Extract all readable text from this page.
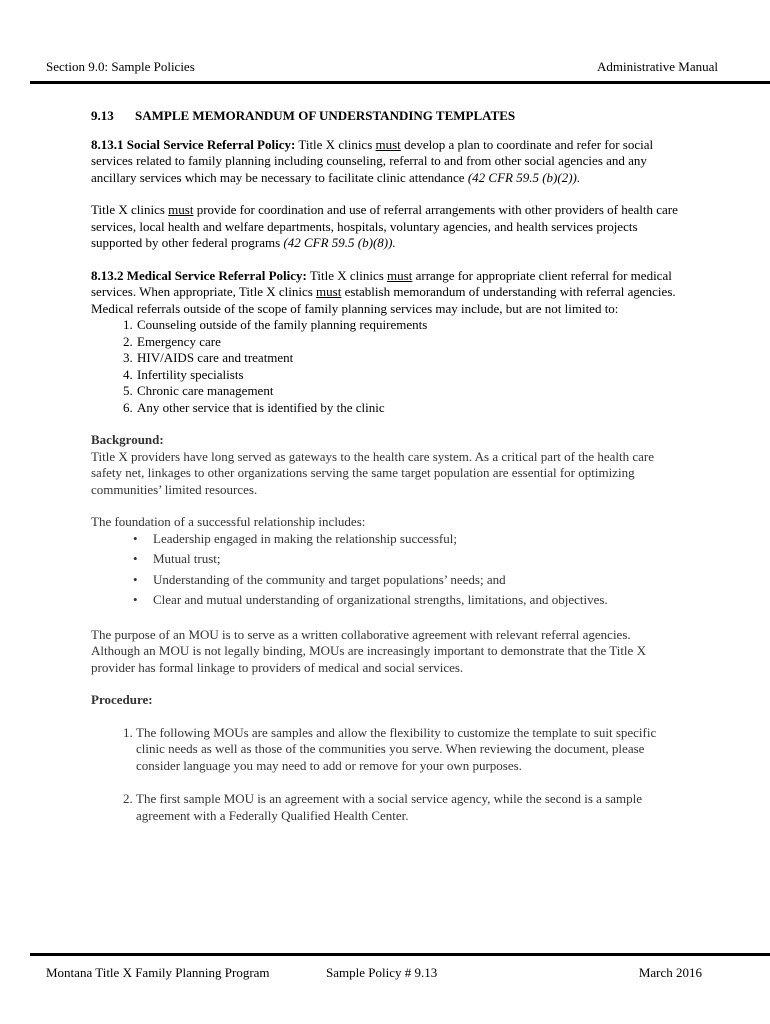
Section 9.0: Sample Policies	Administrative Manual
9.13 SAMPLE MEMORANDUM OF UNDERSTANDING TEMPLATES

8.13.1 Social Service Referral Policy: Title X clinics must develop a plan to coordinate and refer for social services related to family planning including counseling, referral to and from other social agencies and any ancillary services which may be necessary to facilitate clinic attendance (42 CFR 59.5 (b)(2)).

Title X clinics must provide for coordination and use of referral arrangements with other providers of health care services, local health and welfare departments, hospitals, voluntary agencies, and health services projects supported by other federal programs (42 CFR 59.5 (b)(8)).

8.13.2 Medical Service Referral Policy: Title X clinics must arrange for appropriate client referral for medical services. When appropriate, Title X clinics must establish memorandum of understanding with referral agencies. Medical referrals outside of the scope of family planning services may include, but are not limited to:

1. Counseling outside of the family planning requirements
2. Emergency care
3. HIV/AIDS care and treatment
4. Infertility specialists
5. Chronic care management
6. Any other service that is identified by the clinic
Background:

Title X providers have long served as gateways to the health care system. As a critical part of the health care safety net, linkages to other organizations serving the same target population are essential for optimizing communities’ limited resources.

The foundation of a successful relationship includes:
• Leadership engaged in making the relationship successful;
• Mutual trust;
• Understanding of the community and target populations’ needs; and
• Clear and mutual understanding of organizational strengths, limitations, and objectives.

The purpose of an MOU is to serve as a written collaborative agreement with relevant referral agencies. Although an MOU is not legally binding, MOUs are increasingly important to demonstrate that the Title X provider has formal linkage to providers of medical and social services.

Procedure:
1. The following MOUs are samples and allow the flexibility to customize the template to suit specific clinic needs as well as those of the communities you serve. When reviewing the document, please consider language you may need to add or remove for your own purposes.
2. The first sample MOU is an agreement with a social service agency, while the second is a sample agreement with a Federally Qualified Health Center.
Montana Title X Family Planning Program	Sample Policy # 9.13	March 2016
